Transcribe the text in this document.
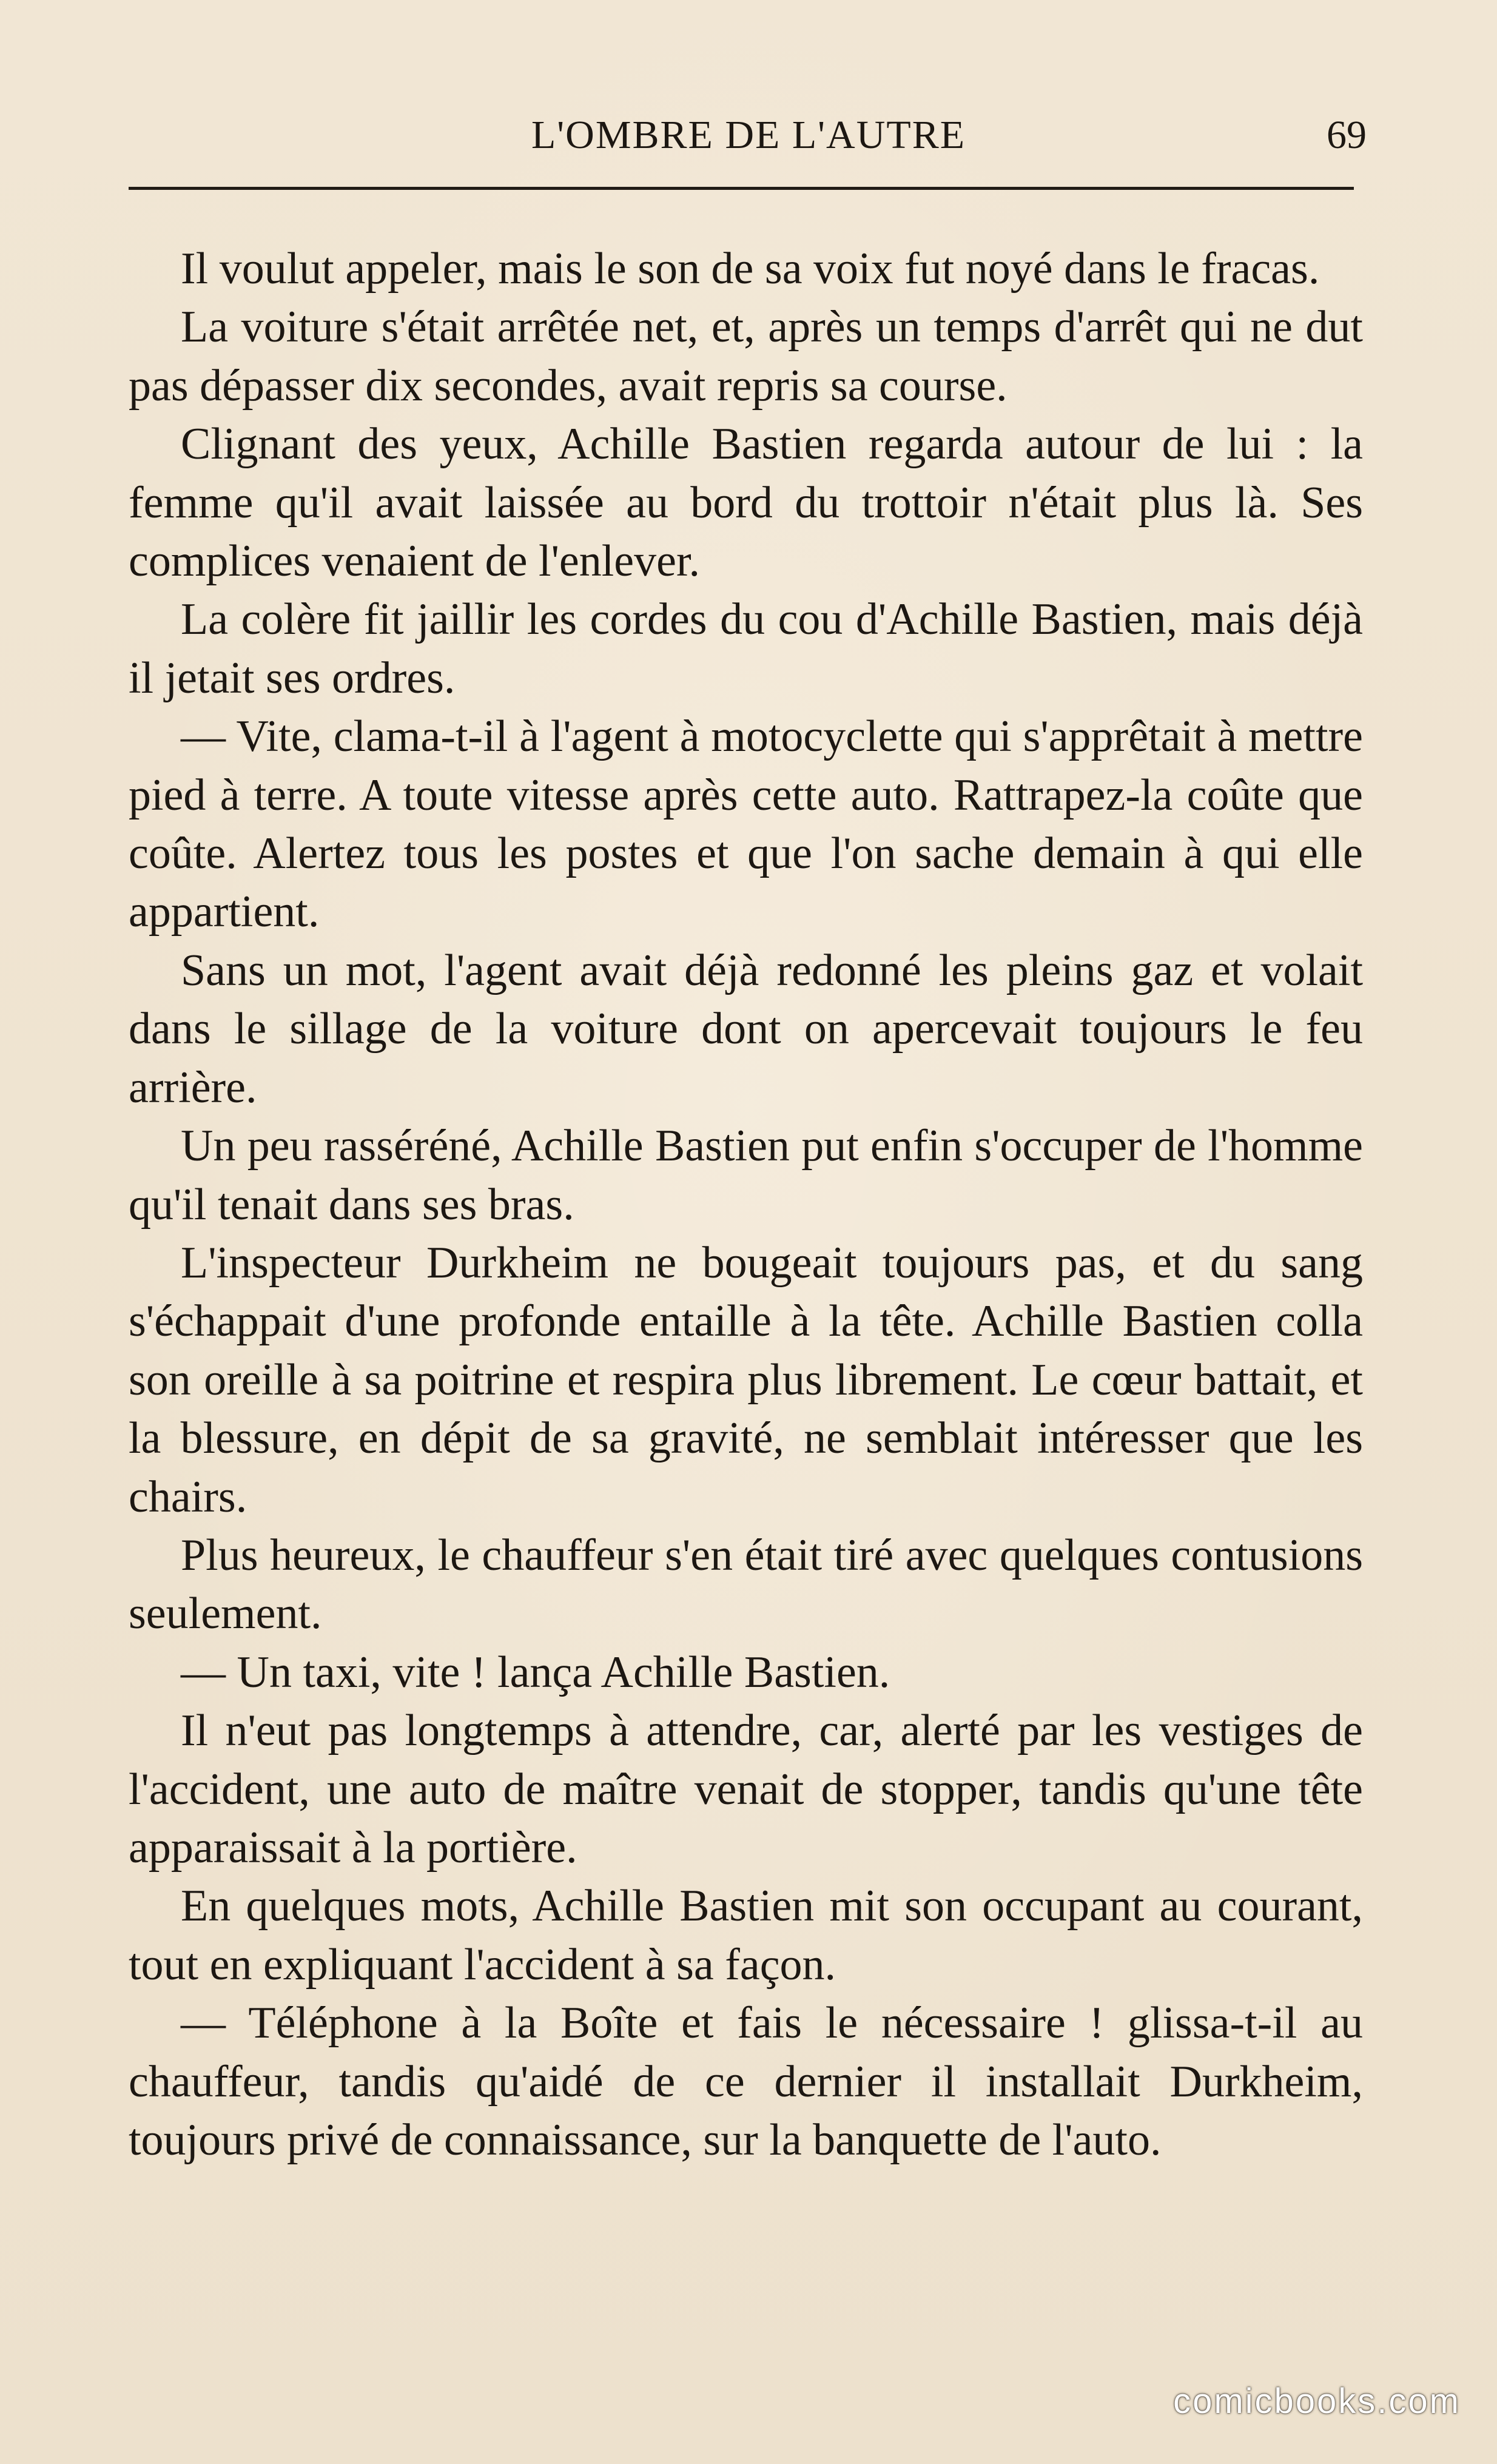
L'OMBRE DE L'AUTRE	69

Il voulut appeler, mais le son de sa voix fut noyé dans le fracas.

La voiture s'était arrêtée net, et, après un temps d'arrêt qui ne dut pas dépasser dix secondes, avait repris sa course.

Clignant des yeux, Achille Bastien regarda autour de lui : la femme qu'il avait laissée au bord du trottoir n'était plus là. Ses complices venaient de l'enlever.

La colère fit jaillir les cordes du cou d'Achille Bastien, mais déjà il jetait ses ordres.

— Vite, clama-t-il à l'agent à motocyclette qui s'apprêtait à mettre pied à terre. A toute vitesse après cette auto. Rattrapez-la coûte que coûte. Alertez tous les postes et que l'on sache demain à qui elle appartient.

Sans un mot, l'agent avait déjà redonné les pleins gaz et volait dans le sillage de la voiture dont on apercevait toujours le feu arrière.

Un peu rasséréné, Achille Bastien put enfin s'occuper de l'homme qu'il tenait dans ses bras.

L'inspecteur Durkheim ne bougeait toujours pas, et du sang s'échappait d'une profonde entaille à la tête. Achille Bastien colla son oreille à sa poitrine et respira plus librement. Le cœur battait, et la blessure, en dépit de sa gravité, ne semblait intéresser que les chairs.

Plus heureux, le chauffeur s'en était tiré avec quelques contusions seulement.

— Un taxi, vite ! lança Achille Bastien.

Il n'eut pas longtemps à attendre, car, alerté par les vestiges de l'accident, une auto de maître venait de stopper, tandis qu'une tête apparaissait à la portière.

En quelques mots, Achille Bastien mit son occupant au courant, tout en expliquant l'accident à sa façon.

— Téléphone à la Boîte et fais le nécessaire ! glissa-t-il au chauffeur, tandis qu'aidé de ce dernier il installait Durkheim, toujours privé de connaissance, sur la banquette de l'auto.

comicbooks.com
